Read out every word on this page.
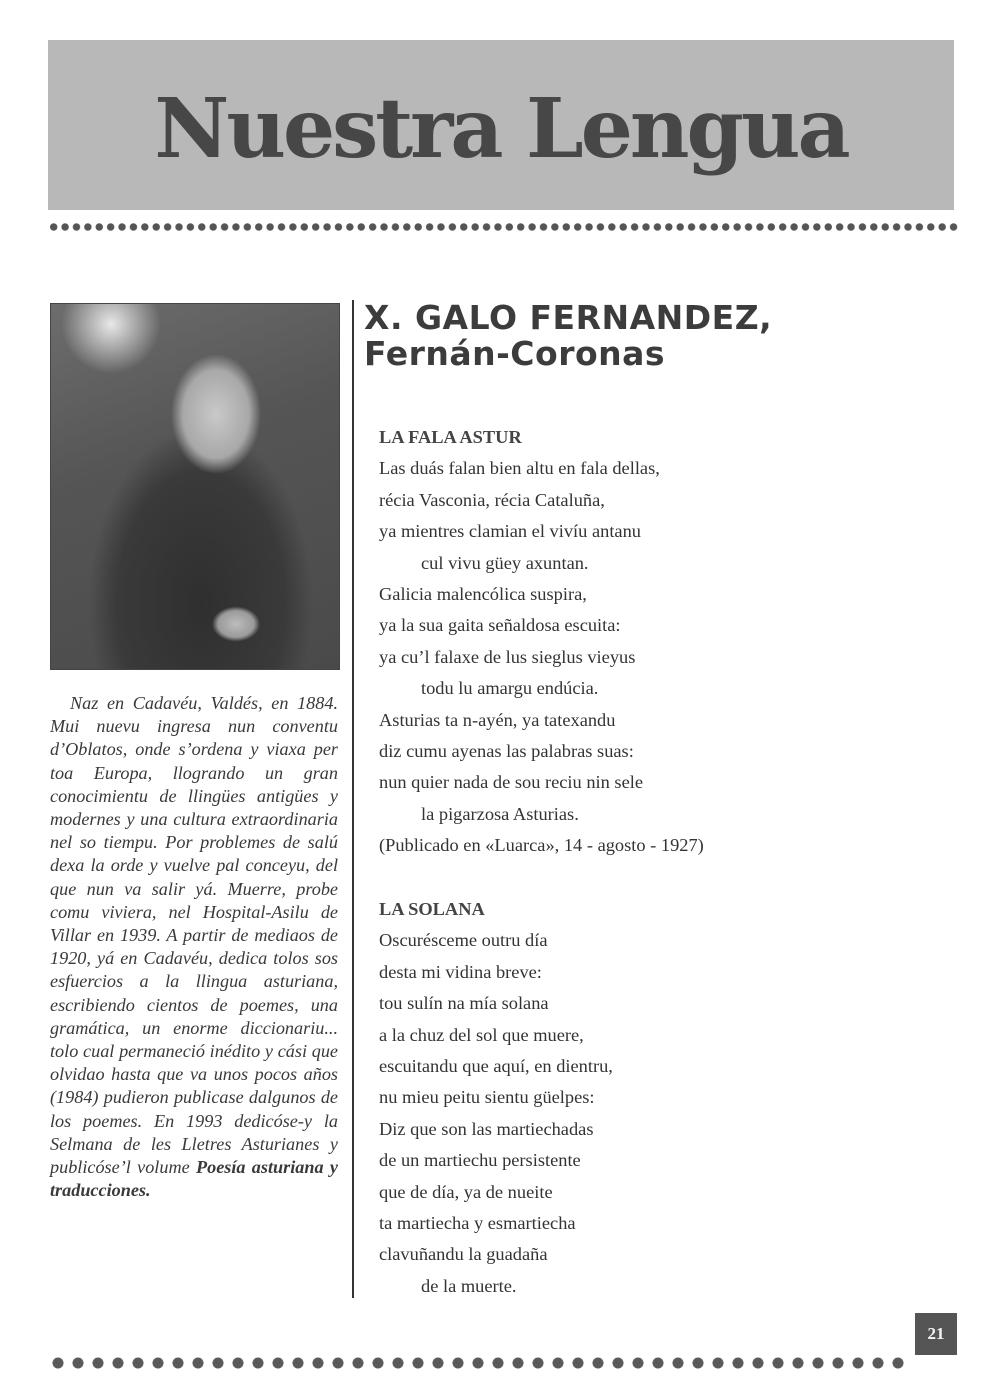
Nuestra Lengua
Naz en Cadavéu, Valdés, en 1884. Mui nuevu ingresa nun conventu d’Oblatos, onde s’ordena y viaxa per toa Europa, llogrando un gran conocimientu de llingües antigües y modernes y una cultura extraordinaria nel so tiempu. Por problemes de salú dexa la orde y vuelve pal conceyu, del que nun va salir yá. Muerre, probe comu viviera, nel Hospital-Asilu de Villar en 1939. A partir de mediaos de 1920, yá en Cadavéu, dedica tolos sos esfuercios a la llingua asturiana, escribiendo cientos de poemes, una gramática, un enorme diccionariu... tolo cual permaneció inédito y cási que olvidao hasta que va unos pocos años (1984) pudieron publicase dalgunos de los poemes. En 1993 dedicóse-y la Selmana de les Lletres Asturianes y publicóse’l volume Poesía asturiana y traducciones.
X. GALO FERNANDEZ,
Fernán-Coronas
LA FALA ASTUR
Las duás falan bien altu en fala dellas,
récia Vasconia, récia Cataluña,
ya mientres clamian el vivíu antanu
cul vivu güey axuntan.
Galicia malencólica suspira,
ya la sua gaita señaldosa escuita:
ya cu’l falaxe de lus sieglus vieyus
todu lu amargu endúcia.
Asturias ta n-ayén, ya tatexandu
diz cumu ayenas las palabras suas:
nun quier nada de sou reciu nin sele
la pigarzosa Asturias.
(Publicado en «Luarca», 14 - agosto - 1927)
LA SOLANA
Oscurésceme outru día
desta mi vidina breve:
tou sulín na mía solana
a la chuz del sol que muere,
escuitandu que aquí, en dientru,
nu mieu peitu sientu güelpes:
Diz que son las martiechadas
de un martiechu persistente
que de día, ya de nueite
ta martiecha y esmartiecha
clavuñandu la guadaña
de la muerte.
21
